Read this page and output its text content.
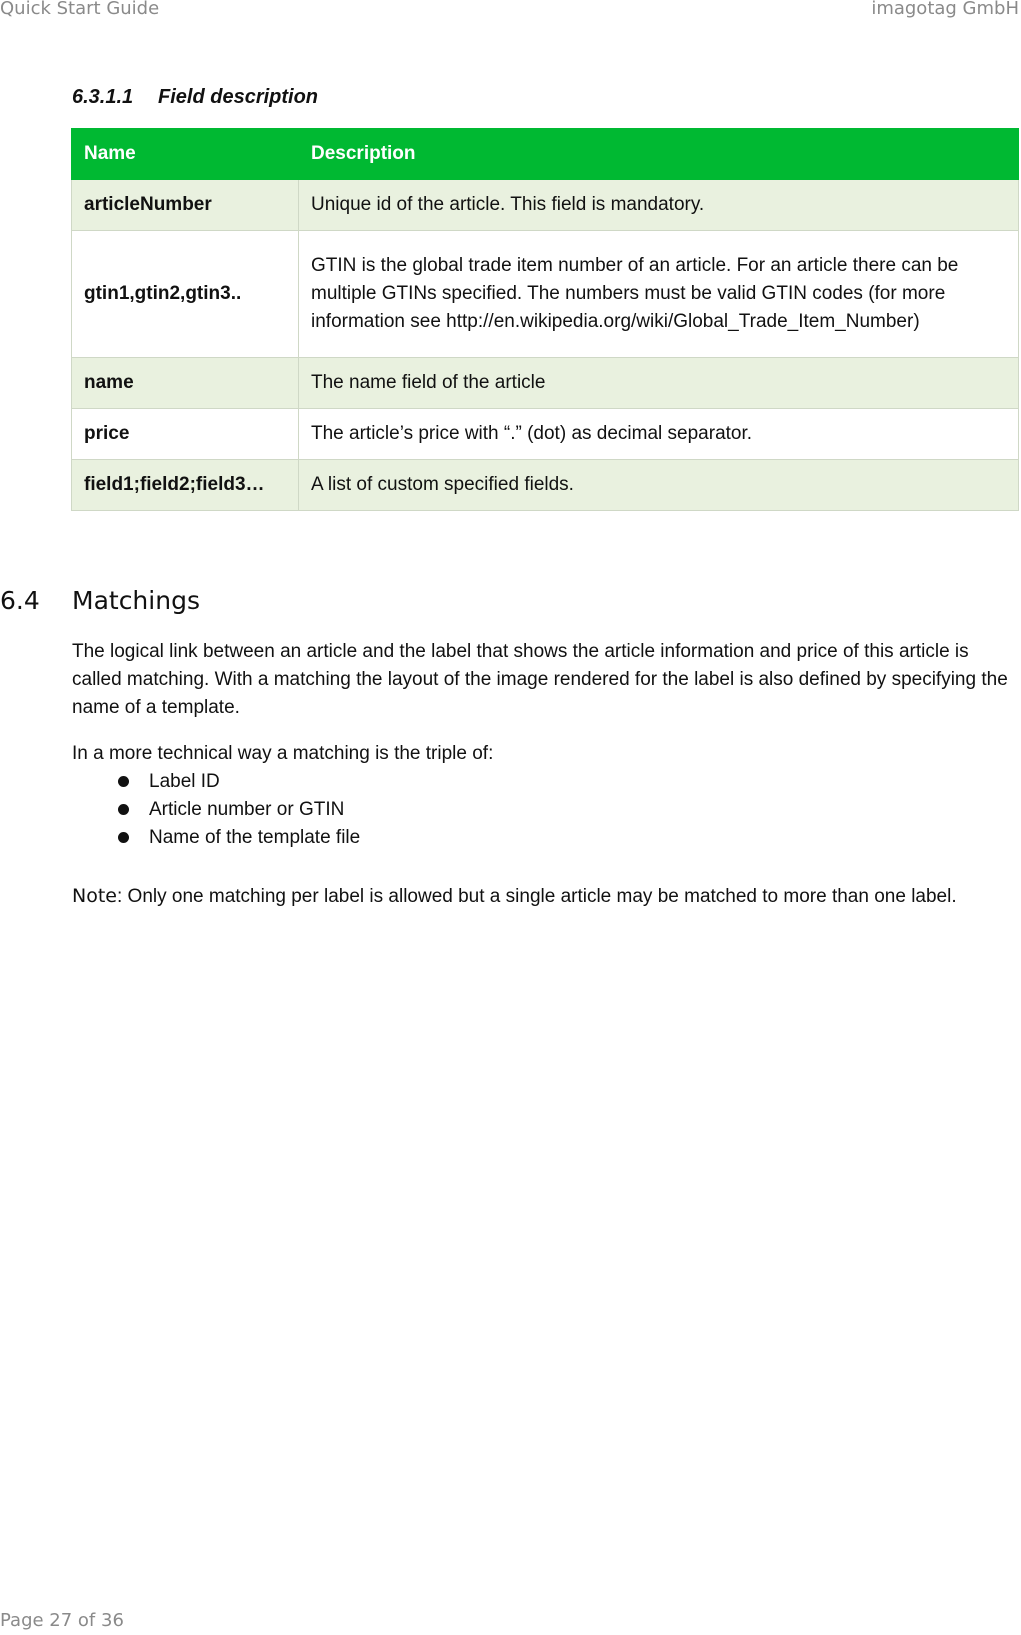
Quick Start Guide	imagotag GmbH
6.3.1.1 Field description
Name	Description
articleNumber	Unique id of the article. This field is mandatory.
gtin1,gtin2,gtin3..	GTIN is the global trade item number of an article. For an article there can be multiple GTINs specified. The numbers must be valid GTIN codes (for more information see http://en.wikipedia.org/wiki/Global_Trade_Item_Number)
name	The name field of the article
price	The article’s price with “.” (dot) as decimal separator.
field1;field2;field3…	A list of custom specified fields.
6.4 Matchings
The logical link between an article and the label that shows the article information and price of this article is called matching. With a matching the layout of the image rendered for the label is also defined by specifying the name of a template.
In a more technical way a matching is the triple of:
Label ID
Article number or GTIN
Name of the template file
Note: Only one matching per label is allowed but a single article may be matched to more than one label.
Page 27 of 36
